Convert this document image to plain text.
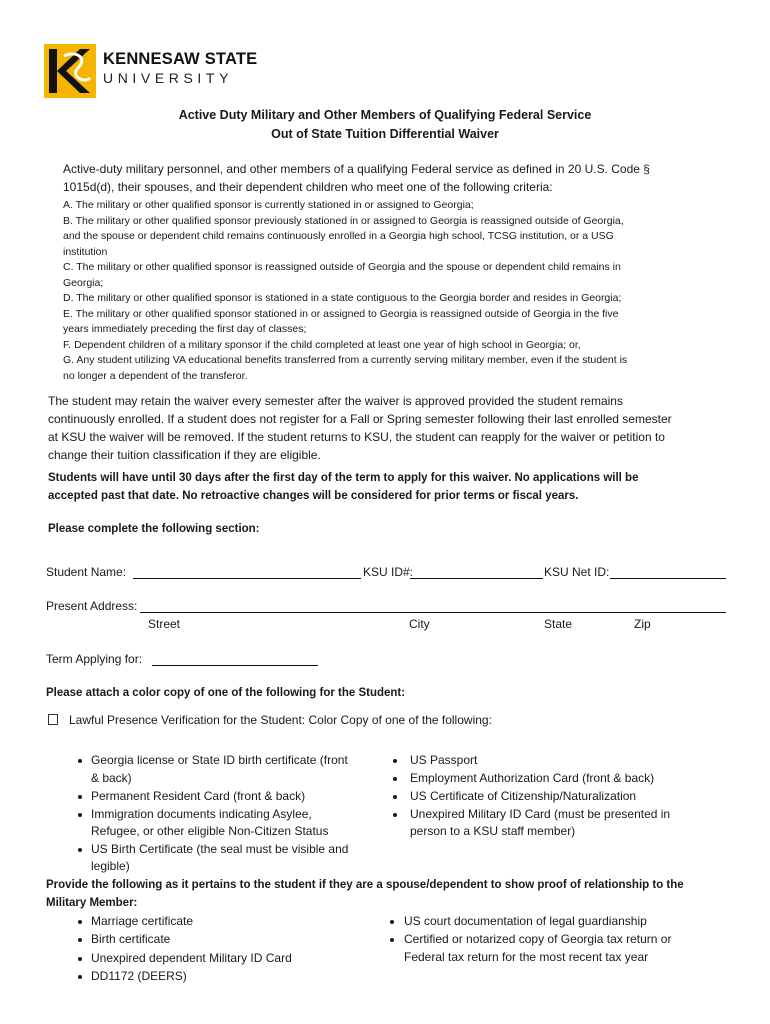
KENNESAW STATE
UNIVERSITY
Active Duty Military and Other Members of Qualifying Federal Service
Out of State Tuition Differential Waiver
Active-duty military personnel, and other members of a qualifying Federal service as defined in 20 U.S. Code §
1015d(d), their spouses, and their dependent children who meet one of the following criteria:
A. The military or other qualified sponsor is currently stationed in or assigned to Georgia;
B. The military or other qualified sponsor previously stationed in or assigned to Georgia is reassigned outside of Georgia,
and the spouse or dependent child remains continuously enrolled in a Georgia high school, TCSG institution, or a USG
institution
C. The military or other qualified sponsor is reassigned outside of Georgia and the spouse or dependent child remains in
Georgia;
D. The military or other qualified sponsor is stationed in a state contiguous to the Georgia border and resides in Georgia;
E. The military or other qualified sponsor stationed in or assigned to Georgia is reassigned outside of Georgia in the five
years immediately preceding the first day of classes;
F. Dependent children of a military sponsor if the child completed at least one year of high school in Georgia; or,
G. Any student utilizing VA educational benefits transferred from a currently serving military member, even if the student is
no longer a dependent of the transferor.
The student may retain the waiver every semester after the waiver is approved provided the student remains
continuously enrolled. If a student does not register for a Fall or Spring semester following their last enrolled semester
at KSU the waiver will be removed. If the student returns to KSU, the student can reapply for the waiver or petition to
change their tuition classification if they are eligible.
Students will have until 30 days after the first day of the term to apply for this waiver. No applications will be
accepted past that date. No retroactive changes will be considered for prior terms or fiscal years.
Please complete the following section:
Student Name:	KSU ID#:	KSU Net ID:
Present Address:
Street	City	State	Zip
Term Applying for:
Please attach a color copy of one of the following for the Student:
Lawful Presence Verification for the Student: Color Copy of one of the following:
Georgia license or State ID birth certificate (front
& back)
Permanent Resident Card (front & back)
Immigration documents indicating Asylee,
Refugee, or other eligible Non-Citizen Status
US Birth Certificate (the seal must be visible and
legible)
US Passport
Employment Authorization Card (front & back)
US Certificate of Citizenship/Naturalization
Unexpired Military ID Card (must be presented in
person to a KSU staff member)
Provide the following as it pertains to the student if they are a spouse/dependent to show proof of relationship to the
Military Member:
Marriage certificate
Birth certificate
Unexpired dependent Military ID Card
DD1172 (DEERS)
US court documentation of legal guardianship
Certified or notarized copy of Georgia tax return or
Federal tax return for the most recent tax year
